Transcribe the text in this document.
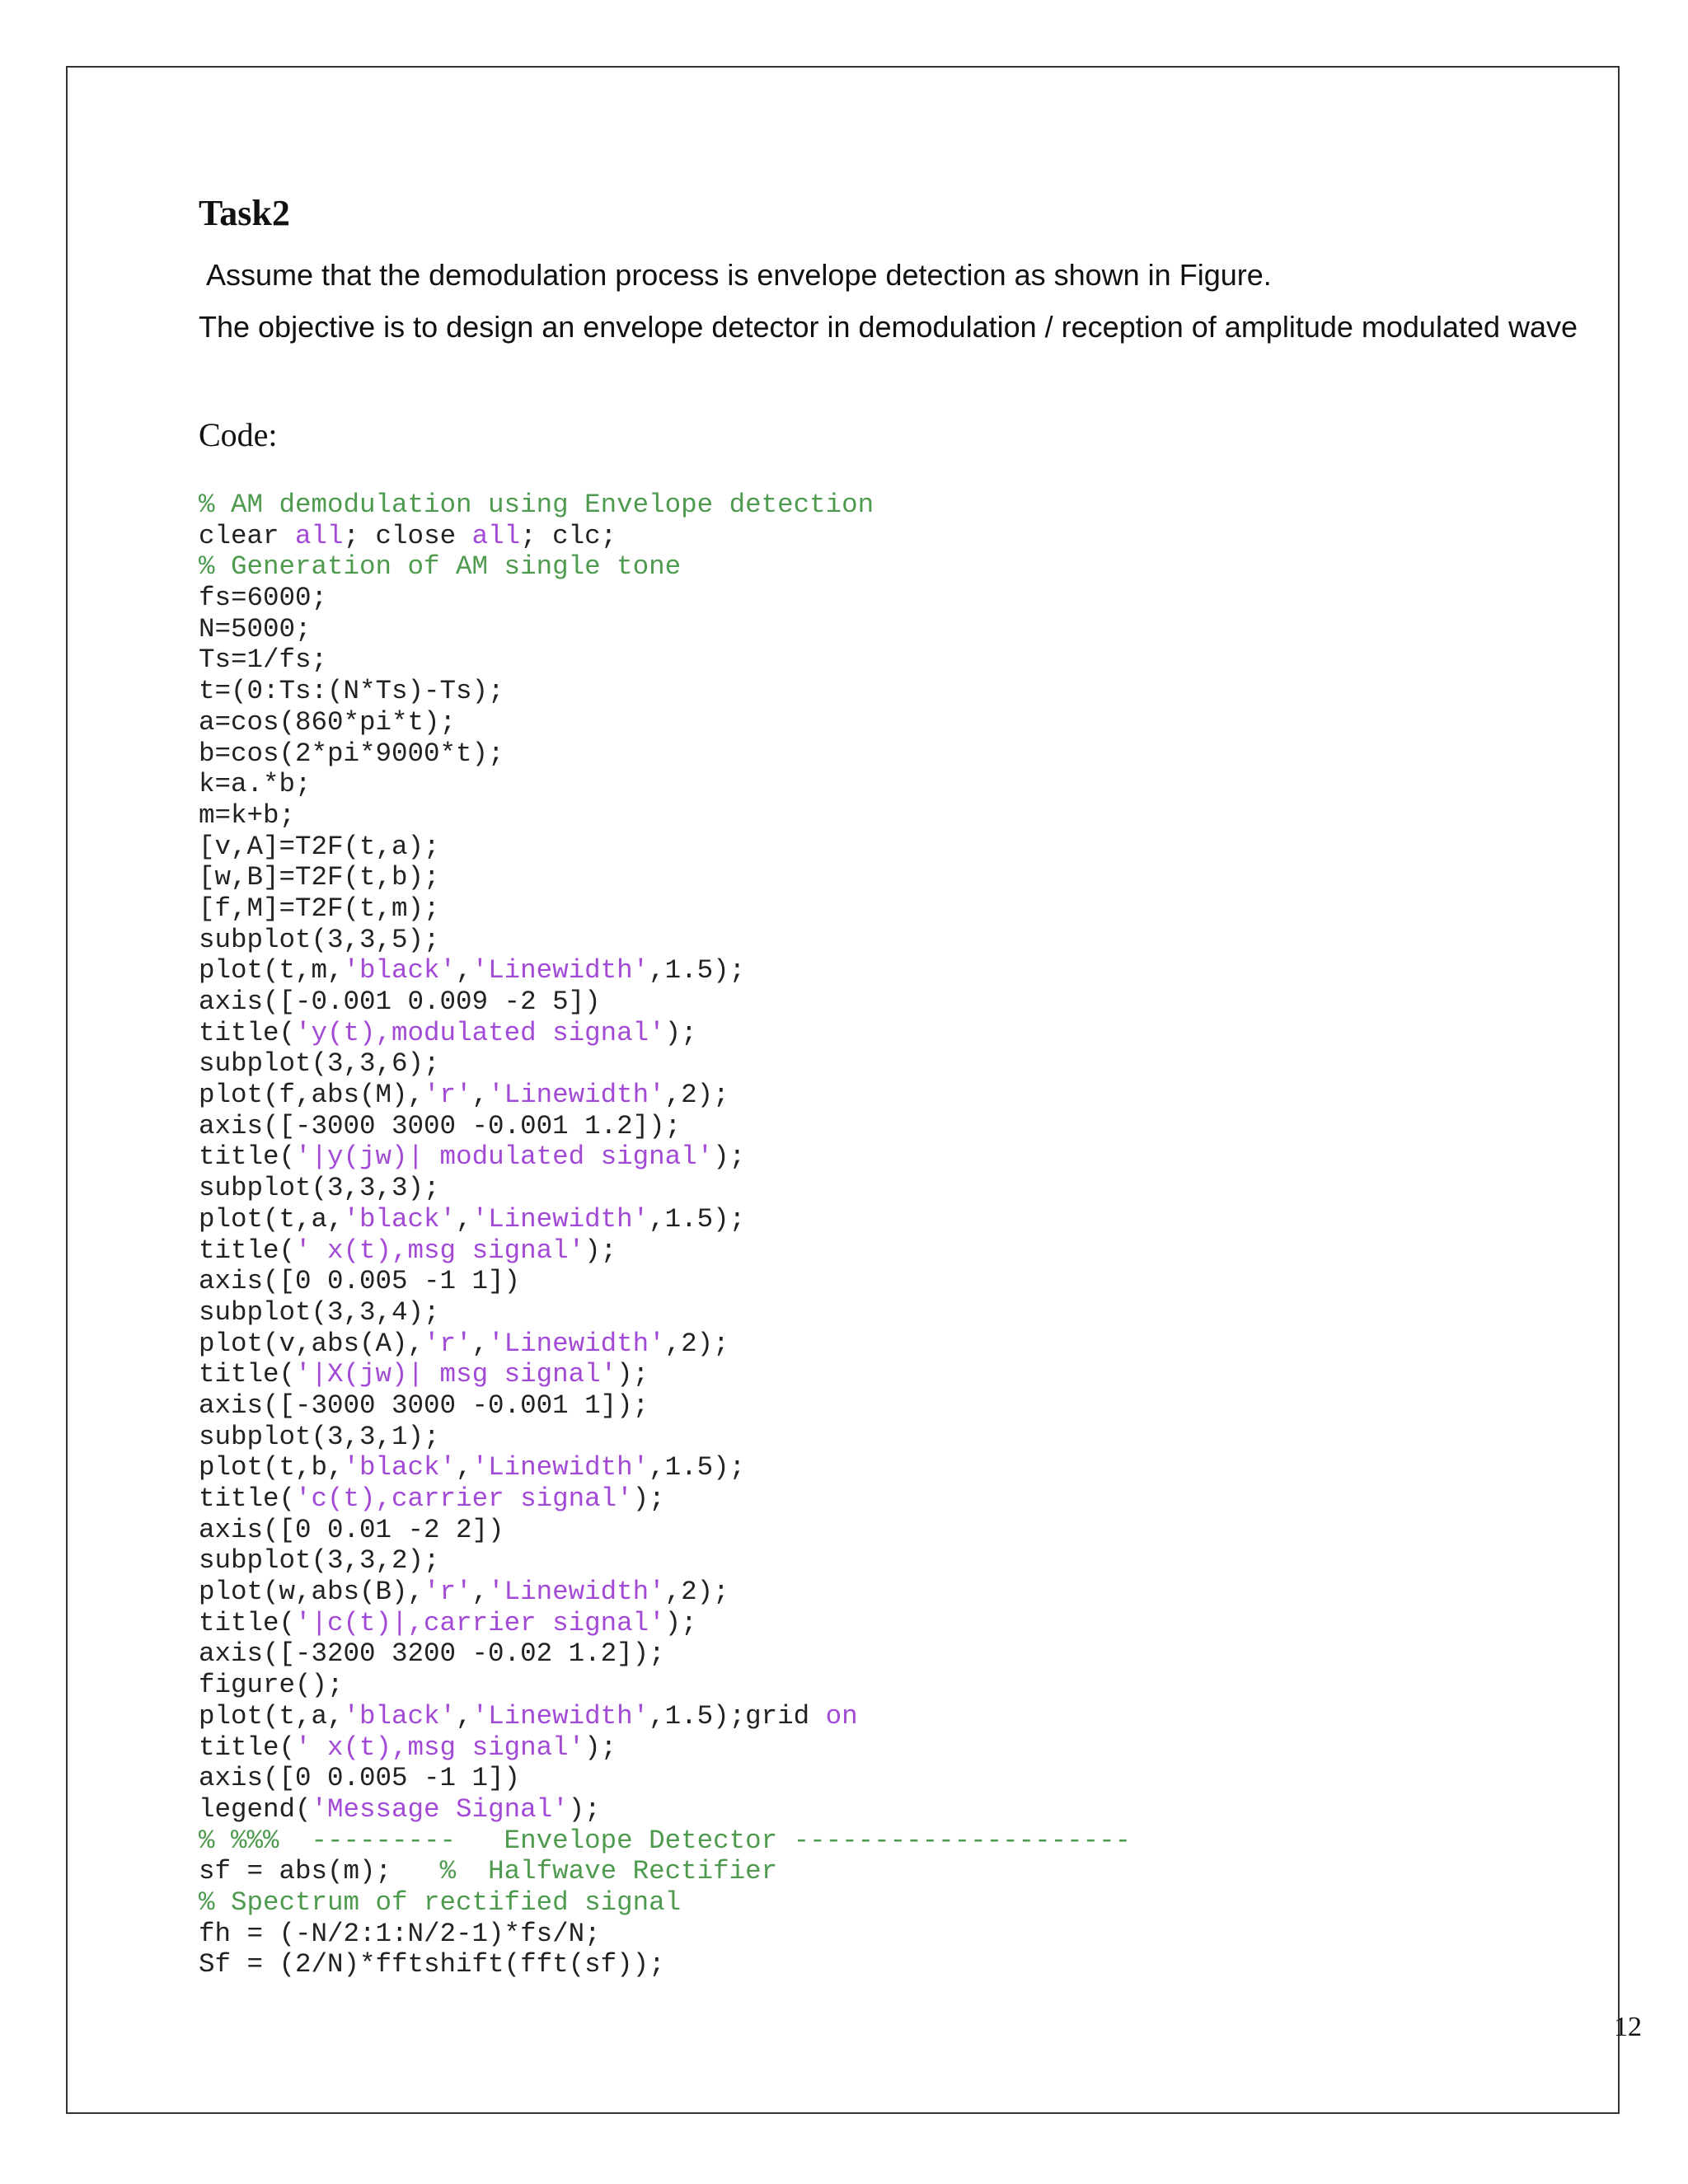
Task2

Assume that the demodulation process is envelope detection as shown in Figure.

The objective is to design an envelope detector in demodulation / reception of amplitude modulated wave

Code:

% AM demodulation using Envelope detection
clear all; close all; clc;
% Generation of AM single tone
fs=6000;
N=5000;
Ts=1/fs;
t=(0:Ts:(N*Ts)-Ts);
a=cos(860*pi*t);
b=cos(2*pi*9000*t);
k=a.*b;
m=k+b;
[v,A]=T2F(t,a);
[w,B]=T2F(t,b);
[f,M]=T2F(t,m);
subplot(3,3,5);
plot(t,m,'black','Linewidth',1.5);
axis([-0.001 0.009 -2 5])
title('y(t),modulated signal');
subplot(3,3,6);
plot(f,abs(M),'r','Linewidth',2);
axis([-3000 3000 -0.001 1.2]);
title('|y(jw)| modulated signal');
subplot(3,3,3);
plot(t,a,'black','Linewidth',1.5);
title(' x(t),msg signal');
axis([0 0.005 -1 1])
subplot(3,3,4);
plot(v,abs(A),'r','Linewidth',2);
title('|X(jw)| msg signal');
axis([-3000 3000 -0.001 1]);
subplot(3,3,1);
plot(t,b,'black','Linewidth',1.5);
title('c(t),carrier signal');
axis([0 0.01 -2 2])
subplot(3,3,2);
plot(w,abs(B),'r','Linewidth',2);
title('|c(t)|,carrier signal');
axis([-3200 3200 -0.02 1.2]);
figure();
plot(t,a,'black','Linewidth',1.5);grid on
title(' x(t),msg signal');
axis([0 0.005 -1 1])
legend('Message Signal');
% %%%  ---------   Envelope Detector ---------------------
sf = abs(m);   %  Halfwave Rectifier
% Spectrum of rectified signal
fh = (-N/2:1:N/2-1)*fs/N;
Sf = (2/N)*fftshift(fft(sf));
12
